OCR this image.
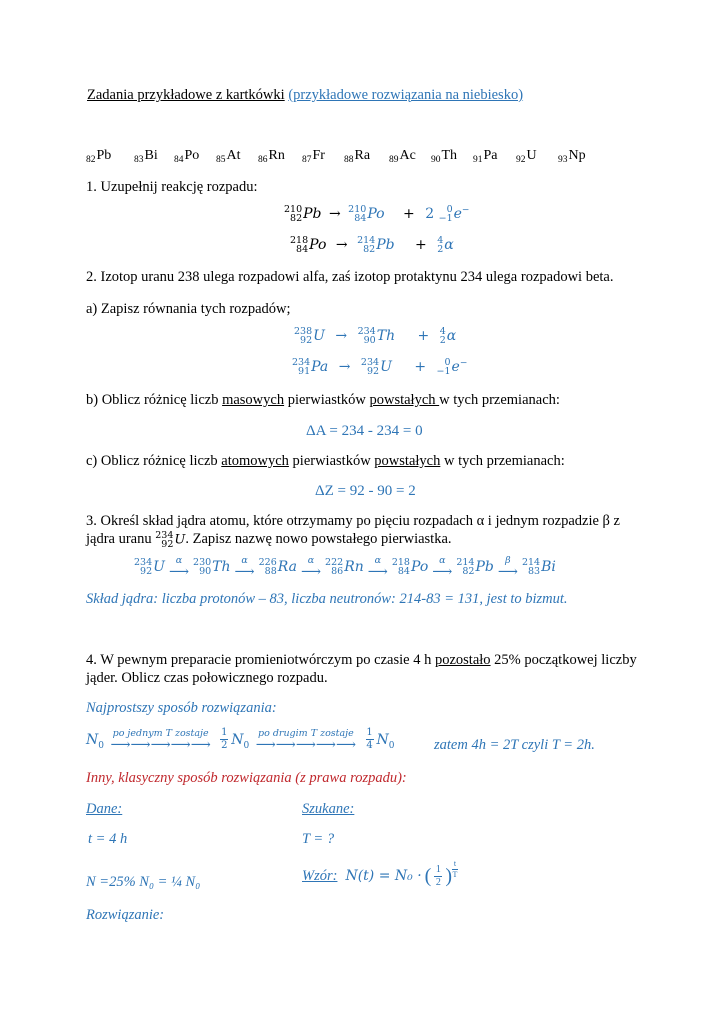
Zadania przykładowe z kartkówki (przykładowe rozwiązania na niebiesko)
82Pb 83Bi 84Po 85At 86Rn 87Fr 88Ra 89Ac 90Th 91Pa 92U 93Np
1. Uzupełnij reakcję rozpadu:
210
82 Pb → 210
84 Po + 2 0
−1 e−
218
84 Po → 214
82 Pb + 4
2 α
2. Izotop uranu 238 ulega rozpadowi alfa, zaś izotop protaktynu 234 ulega rozpadowi beta.
a) Zapisz równania tych rozpadów;
238
92 U → 234
90 Th + 4
2 α
234
91 Pa → 234
92 U + 0
−1 e−
b) Oblicz różnicę liczb masowych pierwiastków powstałych w tych przemianach:
ΔA = 234 - 234 = 0
c) Oblicz różnicę liczb atomowych pierwiastków powstałych w tych przemianach:
ΔZ = 92 - 90 = 2
3. Określ skład jądra atomu, które otrzymamy po pięciu rozpadach α i jednym rozpadzie β z
jądra uranu 234
92 U. Zapisz nazwę nowo powstałego pierwiastka.
234
92 U α
⟶
230
90 Th α
⟶
226
88 Ra α
⟶
222
86 Rn α
⟶
218
84 Po α
⟶
214
82 Pb β
⟶
214
83 Bi
Skład jądra: liczba protonów – 83, liczba neutronów: 214-83 = 131, jest to bizmut.
4. W pewnym preparacie promieniotwórczym po czasie 4 h pozostało 25% początkowej liczby
jąder. Oblicz czas połowicznego rozpadu.
Najprostszy sposób rozwiązania:
$N_0$
po jednym T zostaje
⟶⟶⟶⟶⟶
$\frac{1}{2} N_0$
po drugim T zostaje
⟶⟶⟶⟶⟶
$\frac{1}{4} N_0$	zatem 4h = 2T czyli T = 2h.
Inny, klasyczny sposób rozwiązania (z prawa rozpadu):
Dane:	Szukane:
t = 4 h	T = ?
N =25% N₀ = ¼ N₀	Wzór: N(t) = N₀ · ( $\frac{1}{2}$ ) $\frac{t}{T}$
Rozwiązanie:
